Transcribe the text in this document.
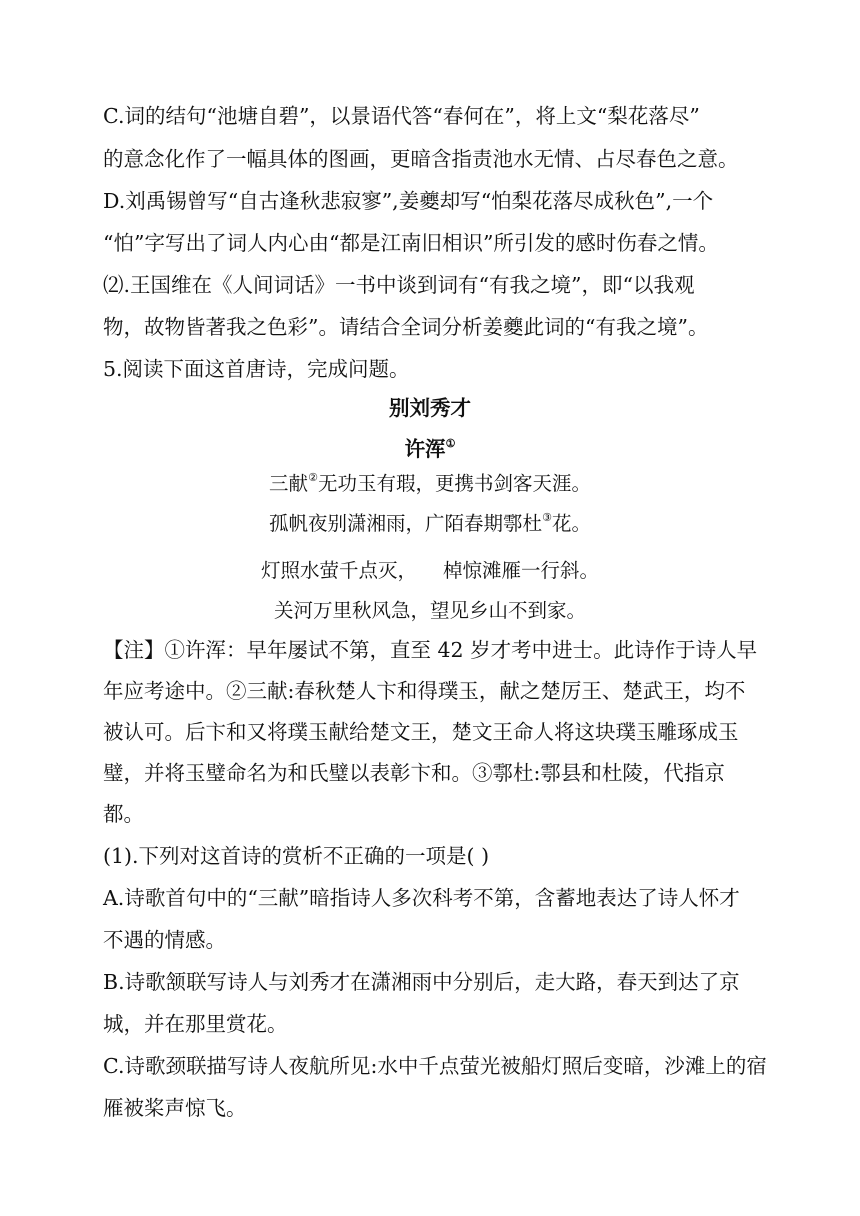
C.词的结句“池塘自碧”，以景语代答“春何在”，将上文“梨花落尽”
的意念化作了一幅具体的图画，更暗含指责池水无情、占尽春色之意。
D.刘禹锡曾写“自古逢秋悲寂寥”,姜夔却写“怕梨花落尽成秋色”,一个
“怕”字写出了词人内心由“都是江南旧相识”所引发的感时伤春之情。
⑵.王国维在《人间词话》一书中谈到词有“有我之境”，即“以我观
物，故物皆著我之色彩”。请结合全词分析姜夔此词的“有我之境”。
5.阅读下面这首唐诗，完成问题。
别刘秀才
许浑①
三献②无功玉有瑕，更携书剑客天涯。
孤帆夜别潇湘雨，广陌春期鄠杜③花。
灯照水萤千点灭， 棹惊滩雁一行斜。
关河万里秋风急，望见乡山不到家。
【注】①许浑：早年屡试不第，直至 42 岁才考中进士。此诗作于诗人早
年应考途中。②三献:春秋楚人卞和得璞玉，献之楚厉王、楚武王，均不
被认可。后卞和又将璞玉献给楚文王，楚文王命人将这块璞玉雕琢成玉
璧，并将玉璧命名为和氏璧以表彰卞和。③鄠杜:鄠县和杜陵，代指京
都。
(1).下列对这首诗的赏析不正确的一项是( )
A.诗歌首句中的“三献”暗指诗人多次科考不第，含蓄地表达了诗人怀才
不遇的情感。
B.诗歌颔联写诗人与刘秀才在潇湘雨中分别后，走大路，春天到达了京
城，并在那里赏花。
C.诗歌颈联描写诗人夜航所见:水中千点萤光被船灯照后变暗，沙滩上的宿
雁被桨声惊飞。
